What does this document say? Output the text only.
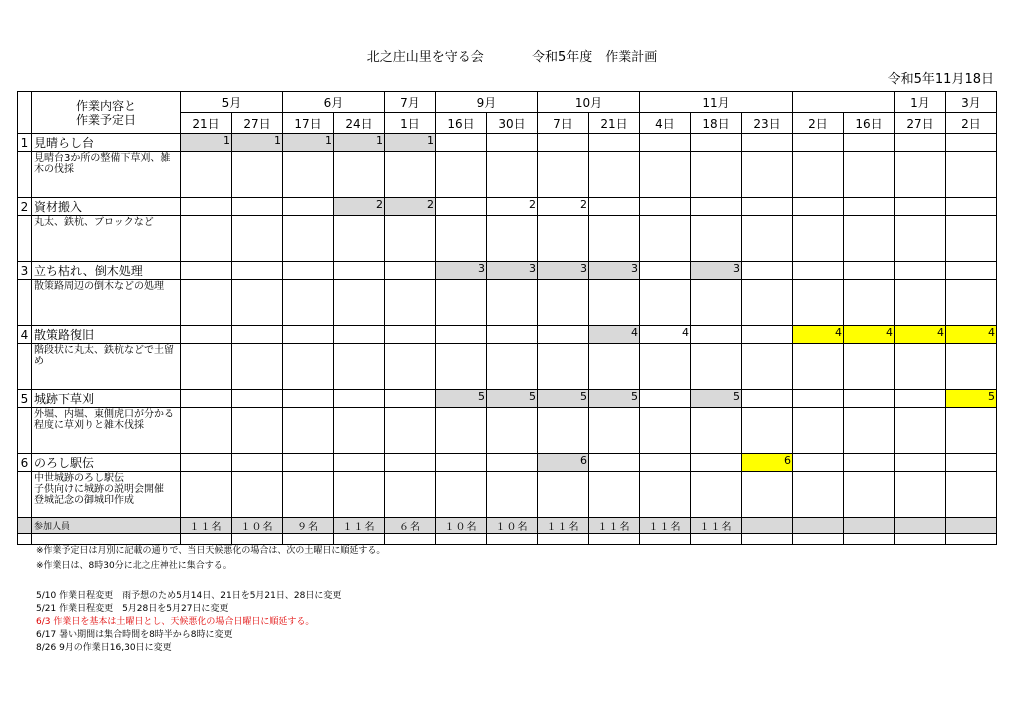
北之庄山里を守る会	令和5年度　作業計画
令和5年11月18日

	作業内容と
作業予定日	5月		6月		7月	9月		10月		11月					1月	3月
		21日	27日	17日	24日	1日	16日	30日	7日	21日	4日	18日	23日	2日	16日	27日	2日
1	見晴らし台	1	1	1	1	1											

	見晴台3か所の整備下草刈、雑木の伐採																

2	資材搬入				2	2		2	2								

	丸太、鉄杭、ブロックなど																

3	立ち枯れ、倒木処理						3	3	3	3		3					

	散策路周辺の倒木などの処理																

4	散策路復旧									4	4			4	4	4	4

	階段状に丸太、鉄杭などで土留め																

5	城跡下草刈						5	5	5	5		5					5

	外堀、内堀、東側虎口が分かる程度に草刈りと雑木伐採																

6	のろし駅伝								6				6				

	中世城跡のろし駅伝
子供向けに城跡の説明会開催
登城記念の御城印作成																

	参加人員	１１名	１０名	９名	１１名	６名	１０名	１０名	１１名	１１名	１１名	１１名					

※作業予定日は月別に記載の通りで、当日天候悪化の場合は、次の土曜日に順延する。
※作業日は、8時30分に北之庄神社に集合する。
5/10 作業日程変更　雨予想のため5月14日、21日を5月21日、28日に変更
5/21 作業日程変更　5月28日を5月27日に変更
6/3 作業日を基本は土曜日とし、天候悪化の場合日曜日に順延する。
6/17 暑い期間は集合時間を8時半から8時に変更
8/26 9月の作業日16,30日に変更
